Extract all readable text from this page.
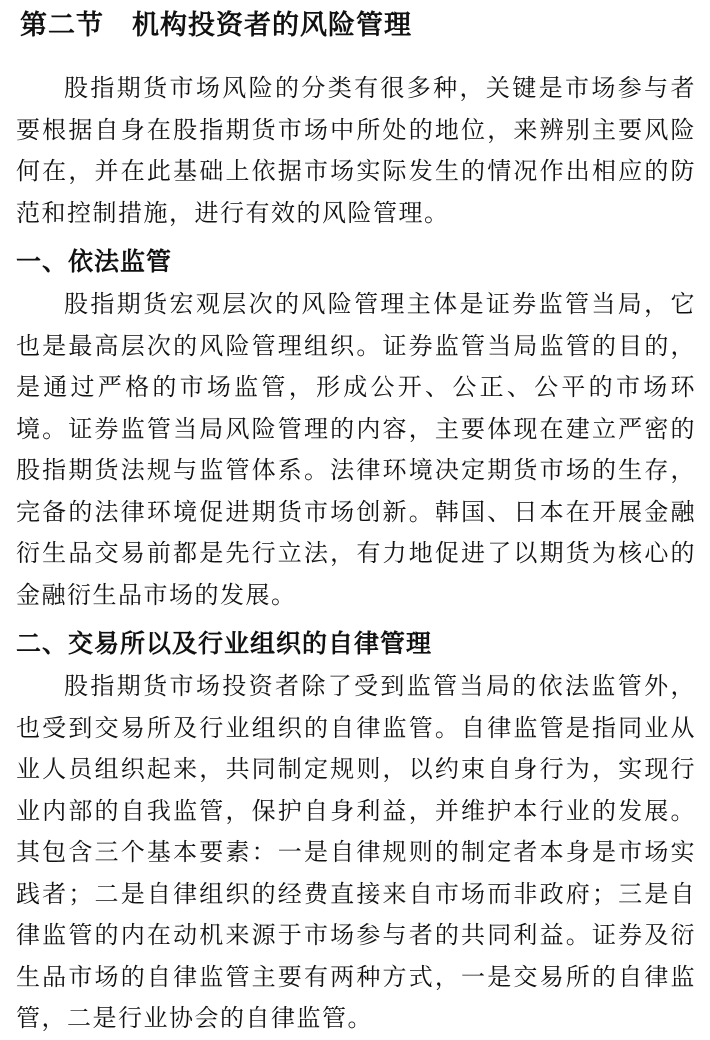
第二节　机构投资者的风险管理

股指期货市场风险的分类有很多种，关键是市场参与者要根据自身在股指期货市场中所处的地位，来辨别主要风险何在，并在此基础上依据市场实际发生的情况作出相应的防范和控制措施，进行有效的风险管理。

一、依法监管

股指期货宏观层次的风险管理主体是证券监管当局，它也是最高层次的风险管理组织。证券监管当局监管的目的，是通过严格的市场监管，形成公开、公正、公平的市场环境。证券监管当局风险管理的内容，主要体现在建立严密的股指期货法规与监管体系。法律环境决定期货市场的生存，完备的法律环境促进期货市场创新。韩国、日本在开展金融衍生品交易前都是先行立法，有力地促进了以期货为核心的金融衍生品市场的发展。

二、交易所以及行业组织的自律管理

股指期货市场投资者除了受到监管当局的依法监管外，也受到交易所及行业组织的自律监管。自律监管是指同业从业人员组织起来，共同制定规则，以约束自身行为，实现行业内部的自我监管，保护自身利益，并维护本行业的发展。其包含三个基本要素：一是自律规则的制定者本身是市场实践者；二是自律组织的经费直接来自市场而非政府；三是自律监管的内在动机来源于市场参与者的共同利益。证券及衍生品市场的自律监管主要有两种方式，一是交易所的自律监管，二是行业协会的自律监管。
